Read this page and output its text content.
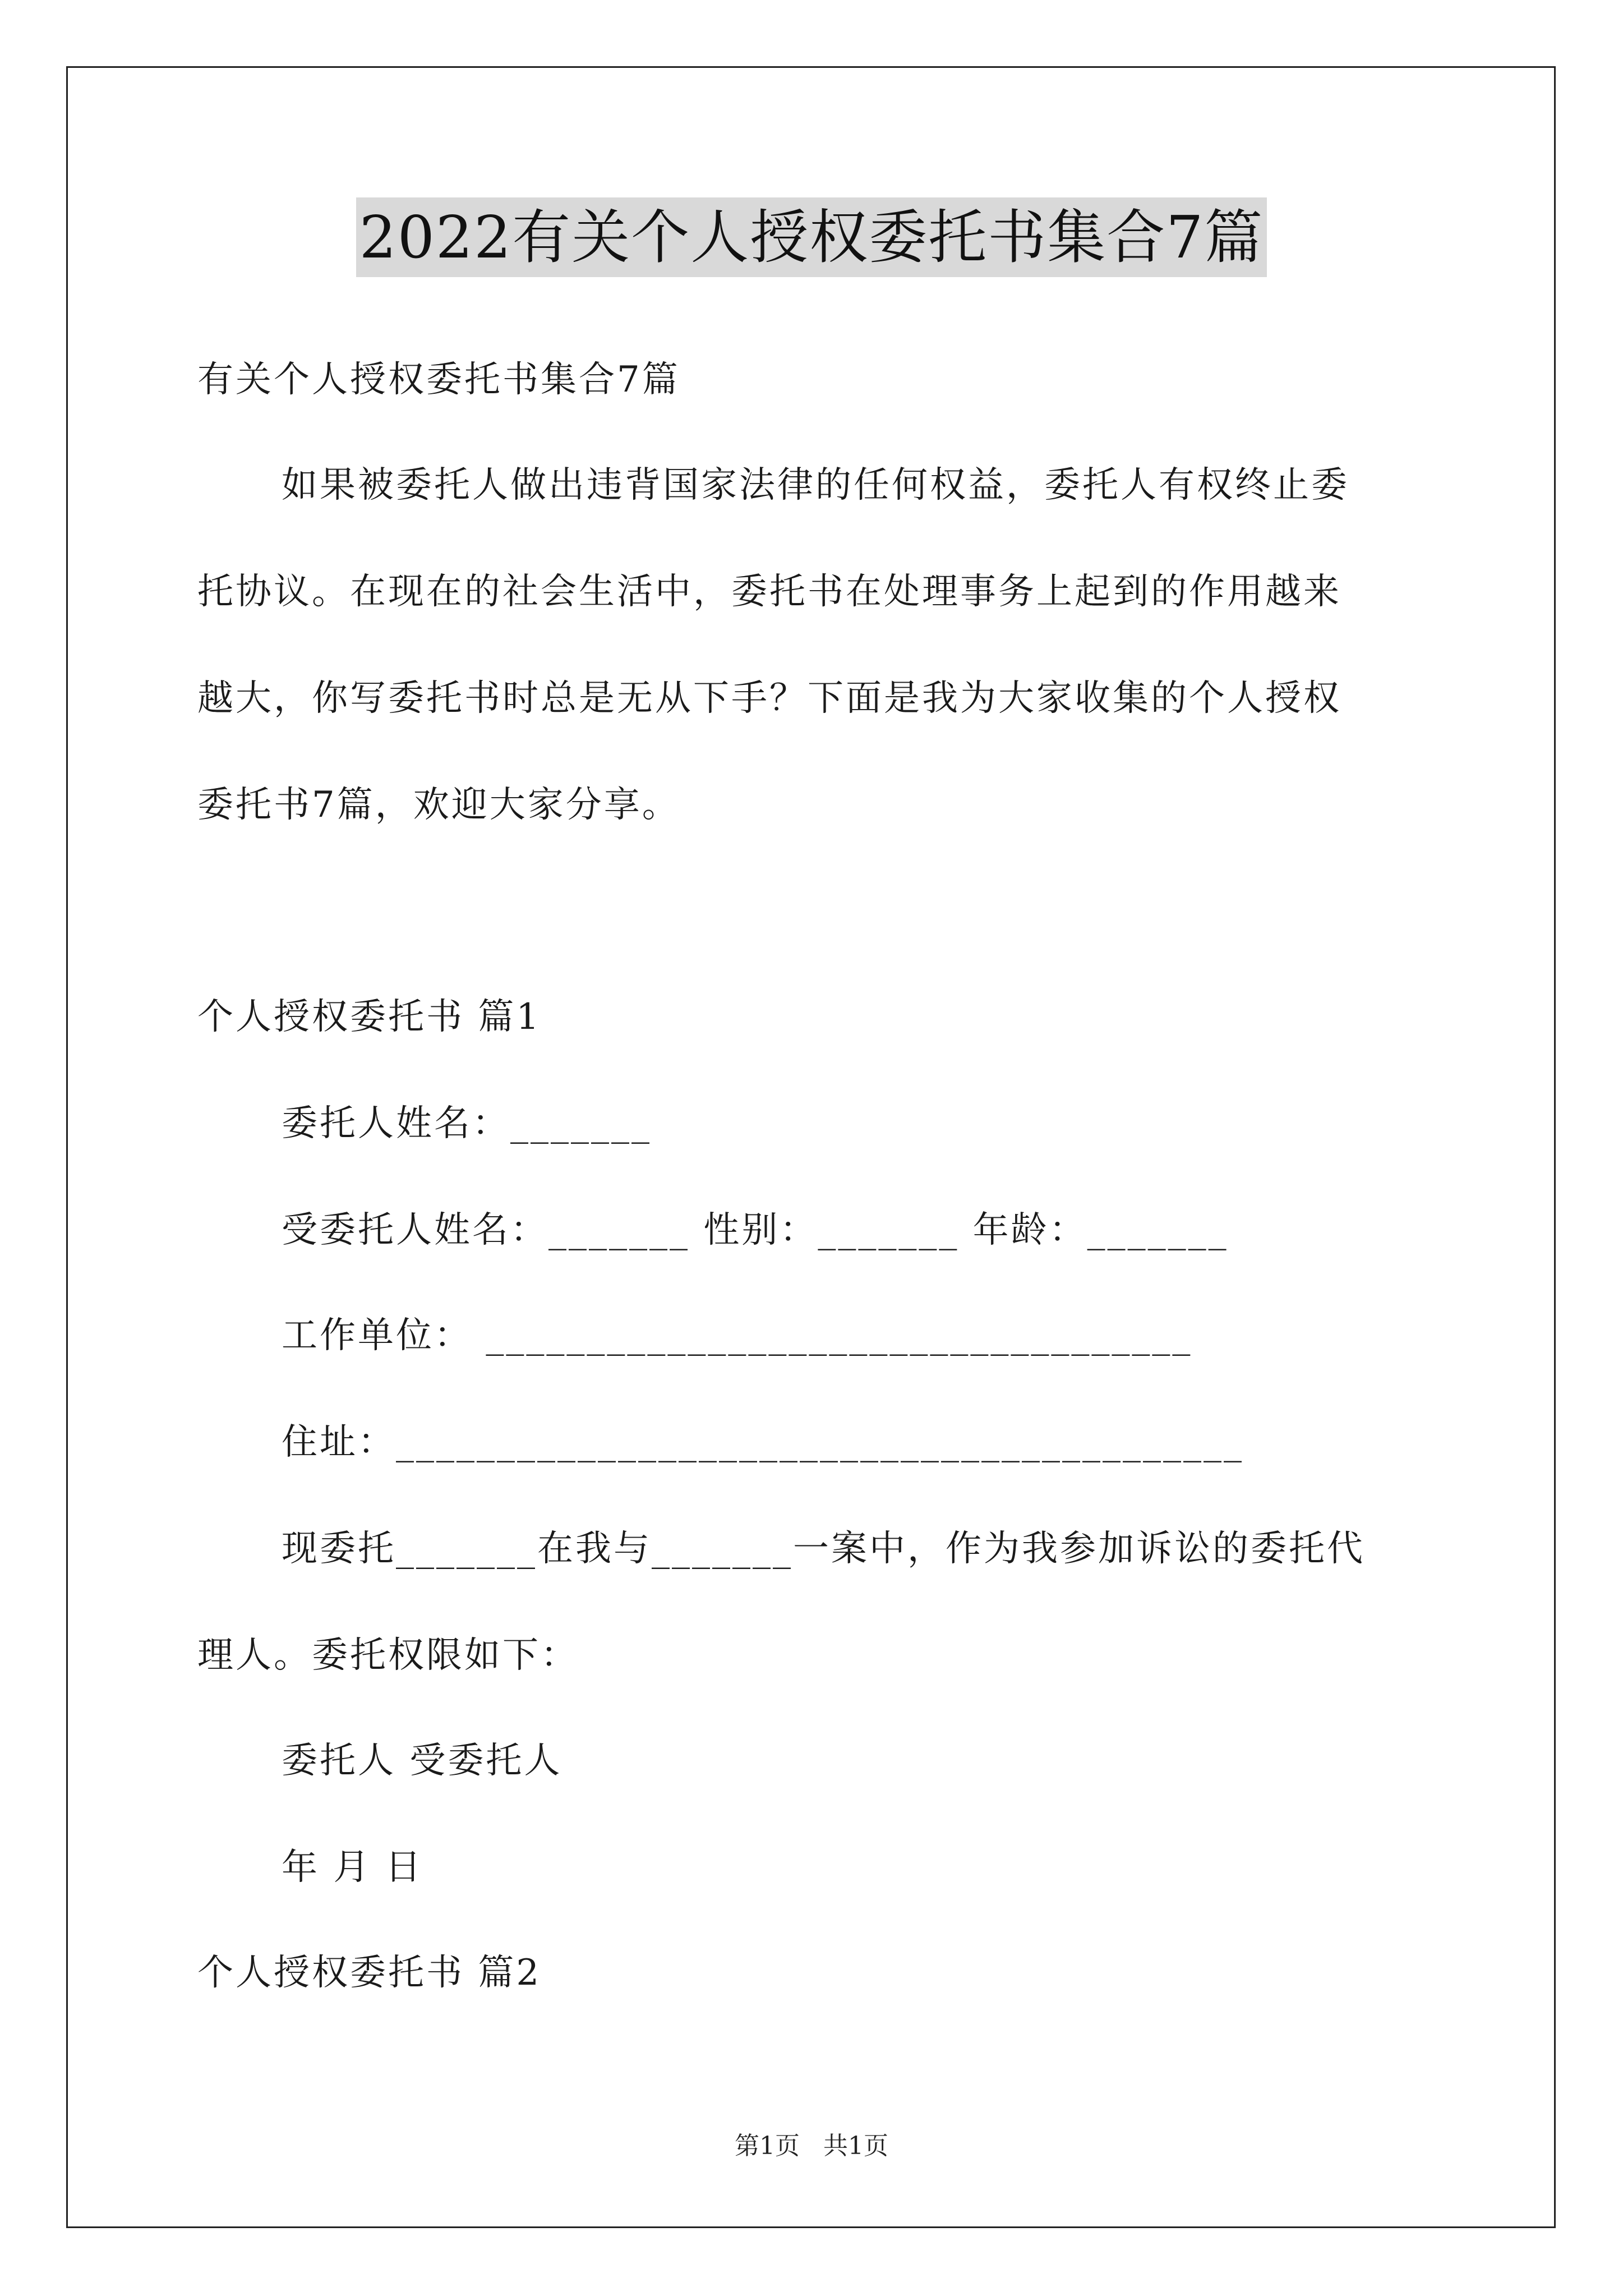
2022有关个人授权委托书集合7篇
有关个人授权委托书集合7篇
如果被委托人做出违背国家法律的任何权益，委托人有权终止委
托协议。在现在的社会生活中，委托书在处理事务上起到的作用越来
越大，你写委托书时总是无从下手？下面是我为大家收集的个人授权
委托书7篇，欢迎大家分享。
个人授权委托书 篇1
委托人姓名：_______
受委托人姓名：_______ 性别：_______ 年龄：_______
工作单位： ___________________________________
住址：__________________________________________
现委托_______在我与_______一案中，作为我参加诉讼的委托代
理人。委托权限如下：
委托人 受委托人
年 月 日
个人授权委托书 篇2
第1页   共1页
